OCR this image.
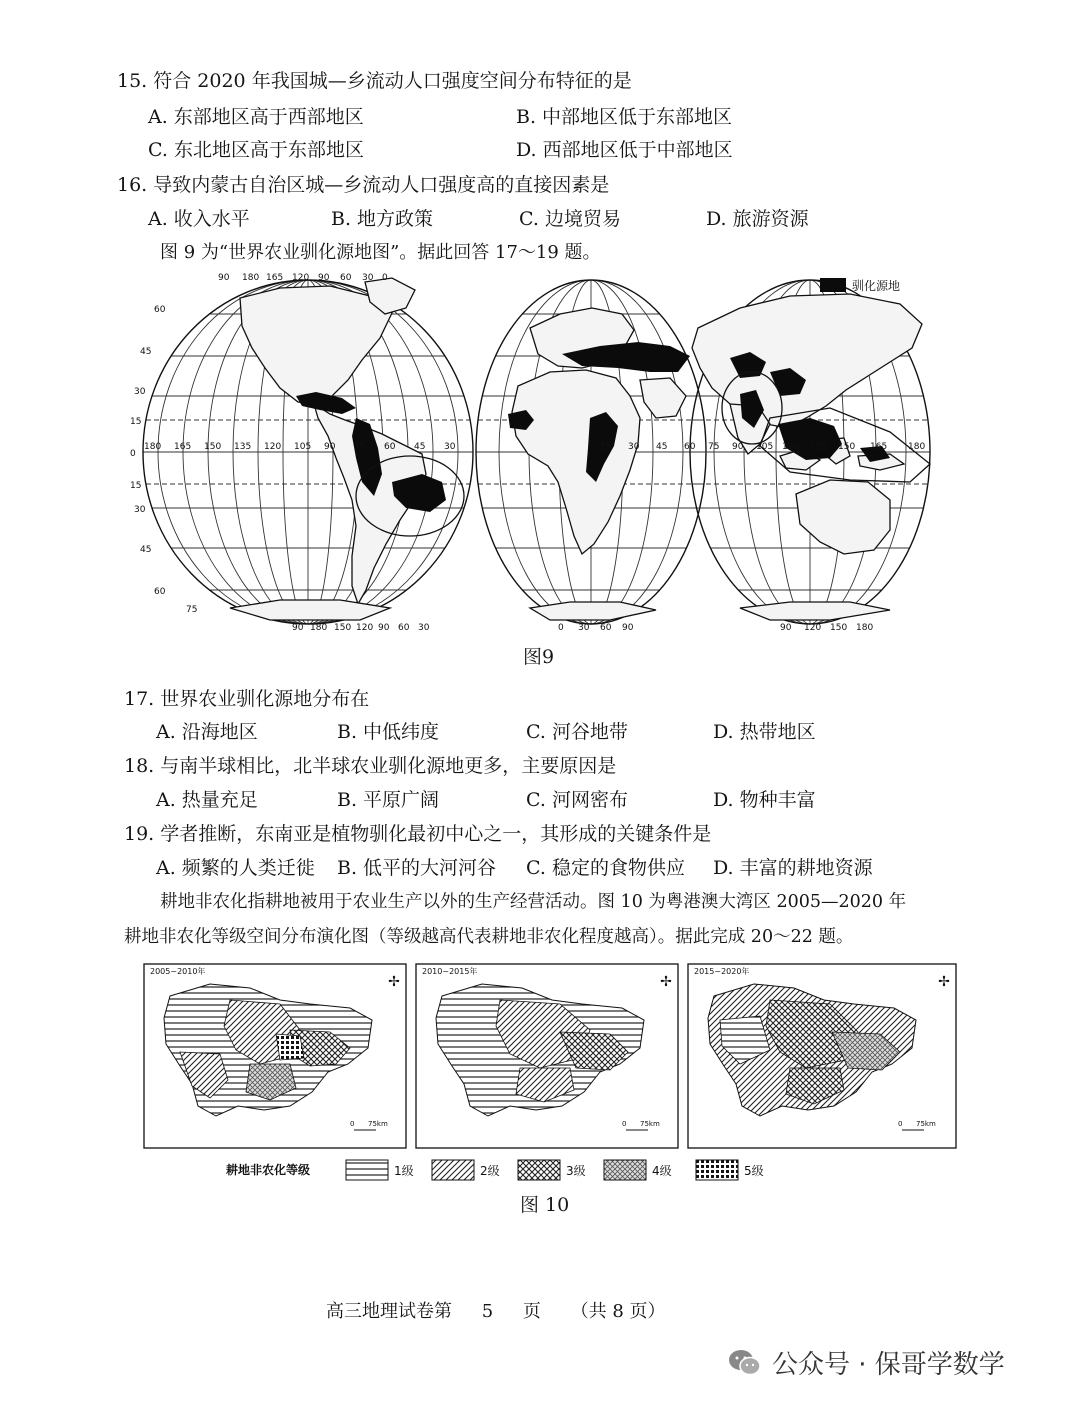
15. 符合 2020 年我国城—乡流动人口强度空间分布特征的是
A. 东部地区高于西部地区	B. 中部地区低于东部地区
C. 东北地区高于东部地区	D. 西部地区低于中部地区
16. 导致内蒙古自治区城—乡流动人口强度高的直接因素是
A. 收入水平	B. 地方政策	C. 边境贸易	D. 旅游资源
图 9 为“世界农业驯化源地图”。据此回答 17～19 题。
60
45
30
15
0
15
30
45
60
75
90 180 165 120 90 60 30 0
180 165 150 135 120 105 90 75 60 45 30	15 30 45 60 75 90 105 120 135 150 165 180
90 180 150 120 90 60 30	0 30 60 90	90 120 150 180
驯化源地
图9
17. 世界农业驯化源地分布在
A. 沿海地区	B. 中低纬度	C. 河谷地带	D. 热带地区
18. 与南半球相比，北半球农业驯化源地更多，主要原因是
A. 热量充足	B. 平原广阔	C. 河网密布	D. 物种丰富
19. 学者推断，东南亚是植物驯化最初中心之一，其形成的关键条件是
A. 频繁的人类迁徙 B. 低平的大河河谷 C. 稳定的食物供应 D. 丰富的耕地资源
耕地非农化指耕地被用于农业生产以外的生产经营活动。图 10 为粤港澳大湾区 2005—2020 年
耕地非农化等级空间分布演化图（等级越高代表耕地非农化程度越高）。据此完成 20～22 题。
2005~2010年
✢
0 75km
2010~2015年
✢
0 75km
2015~2020年
✢
0 75km
耕地非农化等级	1级	2级	3级	4级	5级
图 10
高三地理试卷第 5 页 （共 8 页）
公众号 · 保哥学数学
